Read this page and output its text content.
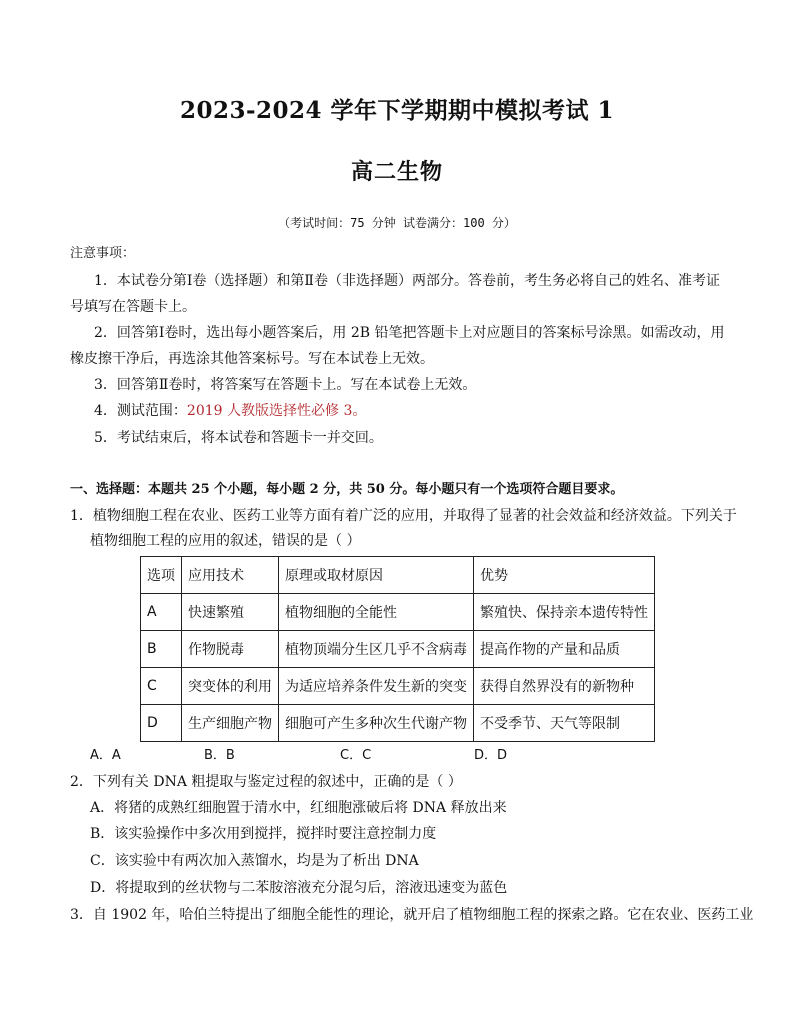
2023-2024 学年下学期期中模拟考试 1
高二生物
（考试时间：75 分钟 试卷满分：100 分）
注意事项：
1．本试卷分第Ⅰ卷（选择题）和第Ⅱ卷（非选择题）两部分。答卷前，考生务必将自己的姓名、准考证
号填写在答题卡上。
2．回答第Ⅰ卷时，选出每小题答案后，用 2B 铅笔把答题卡上对应题目的答案标号涂黑。如需改动，用
橡皮擦干净后，再选涂其他答案标号。写在本试卷上无效。
3．回答第Ⅱ卷时，将答案写在答题卡上。写在本试卷上无效。
4．测试范围：2019 人教版选择性必修 3。
5．考试结束后，将本试卷和答题卡一并交回。
一、选择题：本题共 25 个小题，每小题 2 分，共 50 分。每小题只有一个选项符合题目要求。
1．植物细胞工程在农业、医药工业等方面有着广泛的应用，并取得了显著的社会效益和经济效益。下列关于
植物细胞工程的应用的叙述，错误的是（ ）
选项	应用技术	原理或取材原因	优势
A	快速繁殖	植物细胞的全能性	繁殖快、保持亲本遗传特性
B	作物脱毒	植物顶端分生区几乎不含病毒	提高作物的产量和品质
C	突变体的利用	为适应培养条件发生新的突变	获得自然界没有的新物种
D	生产细胞产物	细胞可产生多种次生代谢产物	不受季节、天气等限制
A．A	B．B	C．C	D．D
2．下列有关 DNA 粗提取与鉴定过程的叙述中，正确的是（ ）
A．将猪的成熟红细胞置于清水中，红细胞涨破后将 DNA 释放出来
B．该实验操作中多次用到搅拌，搅拌时要注意控制力度
C．该实验中有两次加入蒸馏水，均是为了析出 DNA
D．将提取到的丝状物与二苯胺溶液充分混匀后，溶液迅速变为蓝色
3．自 1902 年，哈伯兰特提出了细胞全能性的理论，就开启了植物细胞工程的探索之路。它在农业、医药工业
